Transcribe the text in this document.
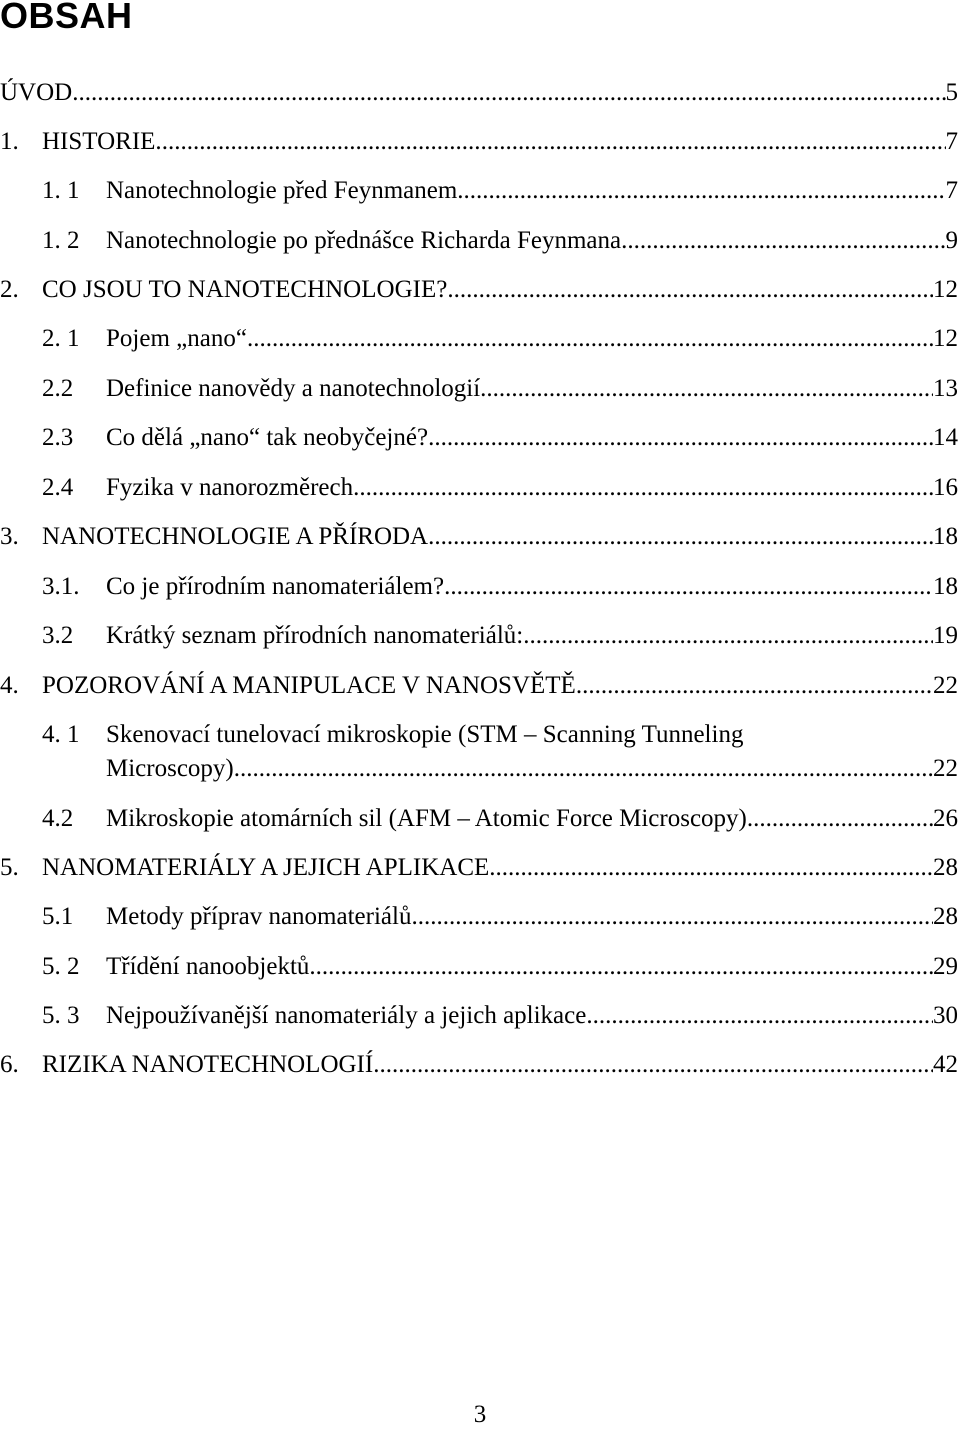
OBSAH
ÚVOD .....	5
1. HISTORIE. .....	7
1. 1 Nanotechnologie před Feynmanem. .....	7
1. 2 Nanotechnologie po přednášce Richarda Feynmana .....	9
2. CO JSOU TO NANOTECHNOLOGIE? .....	12
2. 1 Pojem „nano“ .....	12
2.2 Definice nanovědy a nanotechnologií .....	13
2.3 Co dělá „nano“ tak neobyčejné? .....	14
2.4 Fyzika v nanorozměrech .....	16
3. NANOTECHNOLOGIE A PŘÍRODA .....	18
3.1. Co je přírodním nanomateriálem? .....	18
3.2 Krátký seznam přírodních nanomateriálů: .....	19
4. POZOROVÁNÍ A MANIPULACE V NANOSVĚTĚ .....	22
4. 1 Skenovací tunelovací mikroskopie (STM – Scanning Tunneling
Microscopy) .....	22
4.2 Mikroskopie atomárních sil (AFM – Atomic Force Microscopy) .....	26
5. NANOMATERIÁLY A JEJICH APLIKACE .....	28
5.1 Metody příprav nanomateriálů .....	28
5. 2 Třídění nanoobjektů .....	29
5. 3 Nejpoužívanější nanomateriály a jejich aplikace .....	30
6. RIZIKA NANOTECHNOLOGIÍ .....	42
3
